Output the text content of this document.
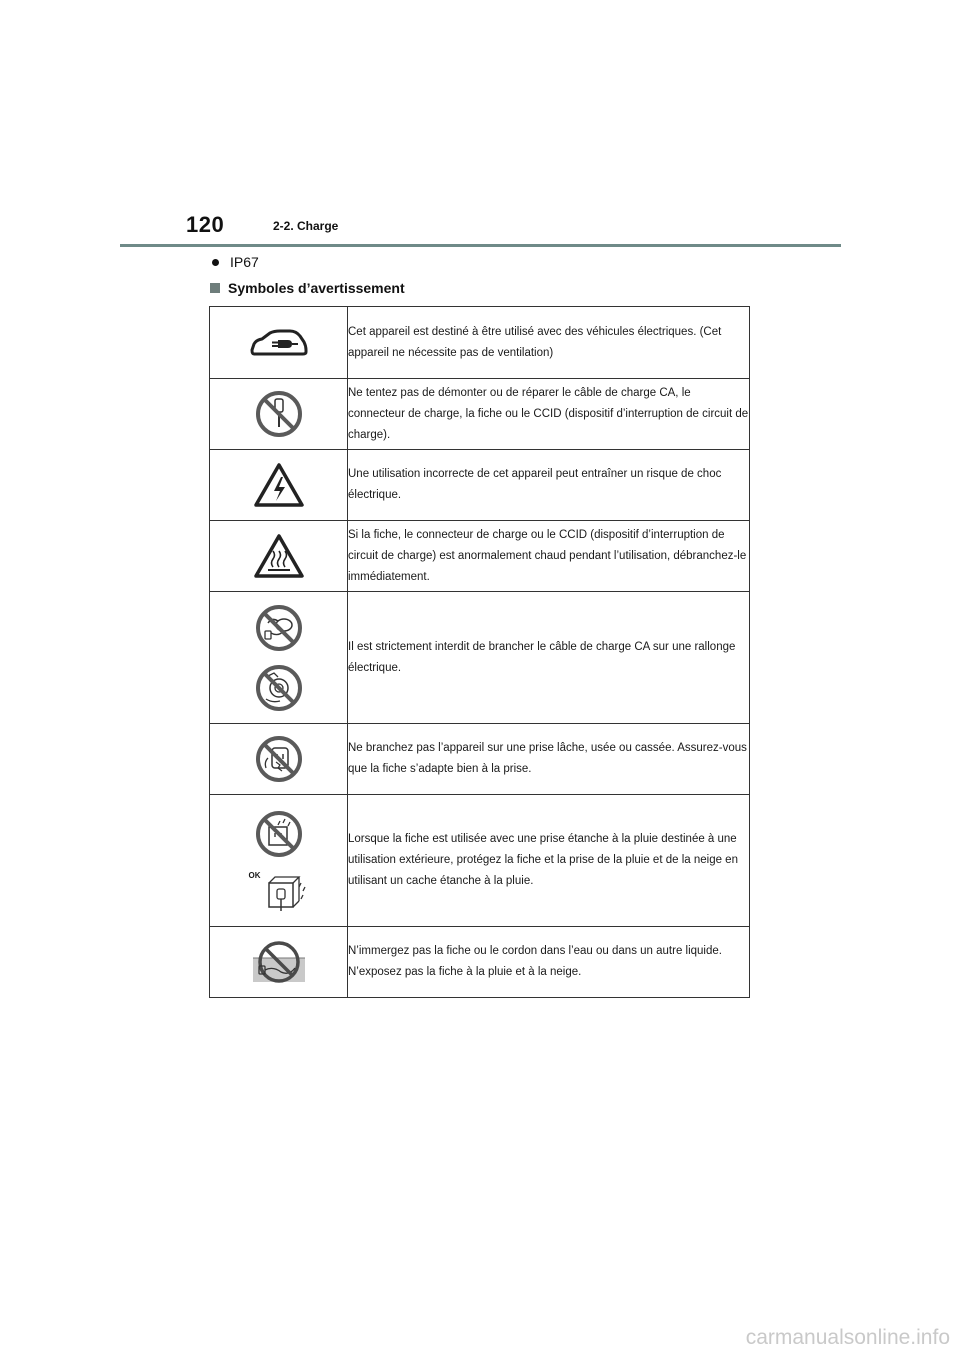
120	2-2. Charge
IP67
Symboles d’avertissement

Cet appareil est destiné à être utilisé avec des véhicules électriques. (Cet appareil ne nécessite pas de ventilation)

Ne tentez pas de démonter ou de réparer le câble de charge CA, le connecteur de charge, la fiche ou le CCID (dispositif d’interruption de circuit de charge).

Une utilisation incorrecte de cet appareil peut entraîner un risque de choc électrique.

Si la fiche, le connecteur de charge ou le CCID (dispositif d’interruption de circuit de charge) est anormalement chaud pendant l’utilisation, débranchez-le immédiatement.

Il est strictement interdit de brancher le câble de charge CA sur une rallonge électrique.

Ne branchez pas l’appareil sur une prise lâche, usée ou cassée. Assurez-vous que la fiche s’adapte bien à la prise.

OK	Lorsque la fiche est utilisée avec une prise étanche à la pluie destinée à une utilisation extérieure, protégez la fiche et la prise de la pluie et de la neige en utilisant un cache étanche à la pluie.

N’immergez pas la fiche ou le cordon dans l’eau ou dans un autre liquide. N’exposez pas la fiche à la pluie et à la neige.
carmanualsonline.info
